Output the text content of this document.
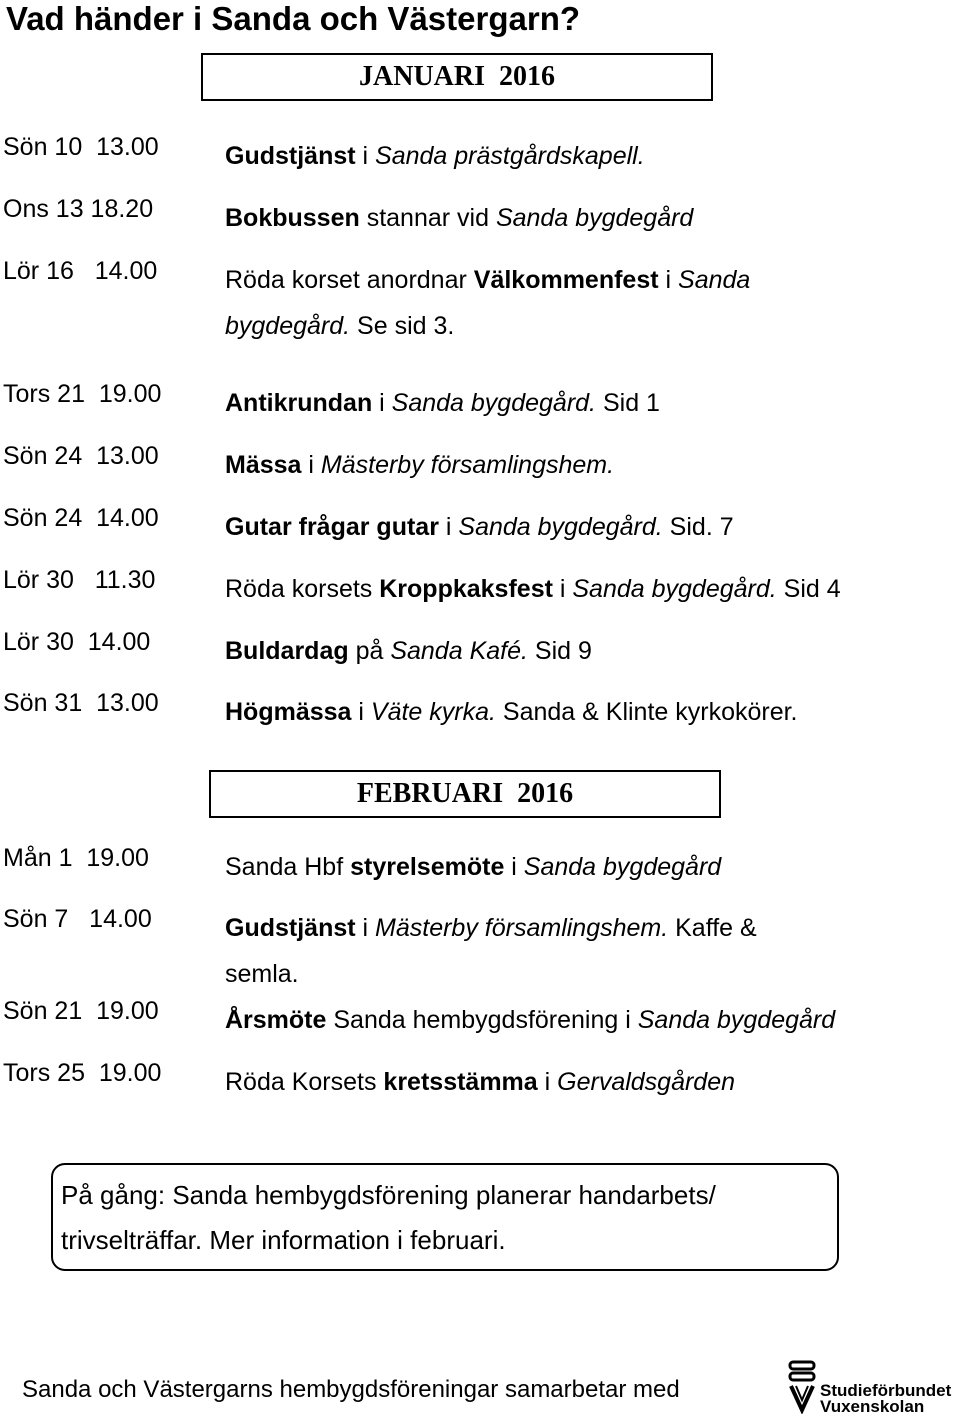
Vad händer i Sanda och Västergarn?
JANUARI  2016
Sön 10  13.00	Gudstjänst i Sanda prästgårdskapell.
Ons 13 18.20	Bokbussen stannar vid Sanda bygdegård
Lör 16   14.00	Röda korset anordnar Välkommenfest i Sanda
bygdegård. Se sid 3.
Tors 21  19.00	Antikrundan i Sanda bygdegård. Sid 1
Sön 24  13.00	Mässa i Mästerby församlingshem.
Sön 24  14.00	Gutar frågar gutar i Sanda bygdegård. Sid. 7
Lör 30   11.30	Röda korsets Kroppkaksfest i Sanda bygdegård. Sid 4
Lör 30  14.00	Buldardag på Sanda Kafé. Sid 9
Sön 31  13.00	Högmässa i Väte kyrka. Sanda & Klinte kyrkokörer.
FEBRUARI  2016
Mån 1  19.00	Sanda Hbf styrelsemöte i Sanda bygdegård
Sön 7   14.00	Gudstjänst i Mästerby församlingshem. Kaffe &
semla.
Sön 21  19.00	Årsmöte Sanda hembygdsförening i Sanda bygdegård
Tors 25  19.00	Röda Korsets kretsstämma i Gervaldsgården
På gång: Sanda hembygdsförening planerar handarbets/
trivselträffar. Mer information i februari.
Sanda och Västergarns hembygdsföreningar samarbetar med	Studieförbundet
Vuxenskolan
